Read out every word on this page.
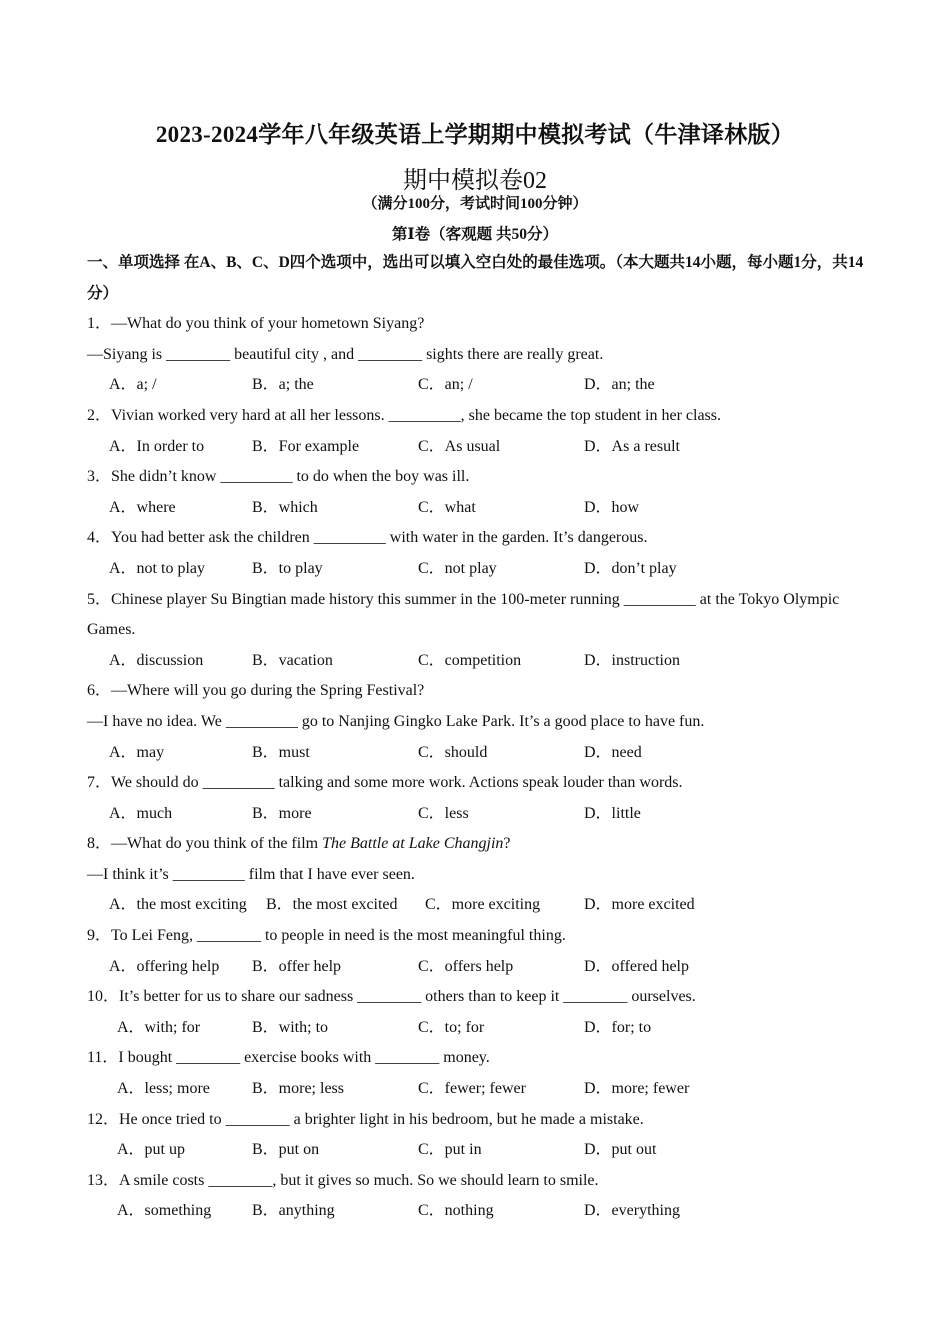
2023-2024学年八年级英语上学期期中模拟考试（牛津译林版）
期中模拟卷02
（满分100分，考试时间100分钟）
第Ⅰ卷（客观题 共50分）
一、单项选择 在A、B、C、D四个选项中，选出可以填入空白处的最佳选项。（本大题共14小题，每小题1分，共14分）
1．—What do you think of your hometown Siyang?
—Siyang is ________ beautiful city , and ________ sights there are really great.
A．a; /	B．a; the	C．an; /	D．an; the
2．Vivian worked very hard at all her lessons. _________, she became the top student in her class.
A．In order to	B．For example	C．As usual	D．As a result
3．She didn’t know _________ to do when the boy was ill.
A．where	B．which	C．what	D．how
4．You had better ask the children _________ with water in the garden. It’s dangerous.
A．not to play	B．to play	C．not play	D．don’t play
5．Chinese player Su Bingtian made history this summer in the 100-meter running _________ at the Tokyo Olympic Games.
A．discussion	B．vacation	C．competition	D．instruction
6．—Where will you go during the Spring Festival?
—I have no idea. We _________ go to Nanjing Gingko Lake Park. It’s a good place to have fun.
A．may	B．must	C．should	D．need
7．We should do _________ talking and some more work. Actions speak louder than words.
A．much	B．more	C．less	D．little
8．—What do you think of the film The Battle at Lake Changjin?
—I think it’s _________ film that I have ever seen.
A．the most exciting	B．the most excited	C．more exciting	D．more excited
9．To Lei Feng, ________ to people in need is the most meaningful thing.
A．offering help	B．offer help	C．offers help	D．offered help
10．It’s better for us to share our sadness ________ others than to keep it ________ ourselves.
A．with; for	B．with; to	C．to; for	D．for; to
11．I bought ________ exercise books with ________ money.
A．less; more	B．more; less	C．fewer; fewer	D．more; fewer
12．He once tried to ________ a brighter light in his bedroom, but he made a mistake.
A．put up	B．put on	C．put in	D．put out
13．A smile costs ________, but it gives so much. So we should learn to smile.
A．something	B．anything	C．nothing	D．everything
